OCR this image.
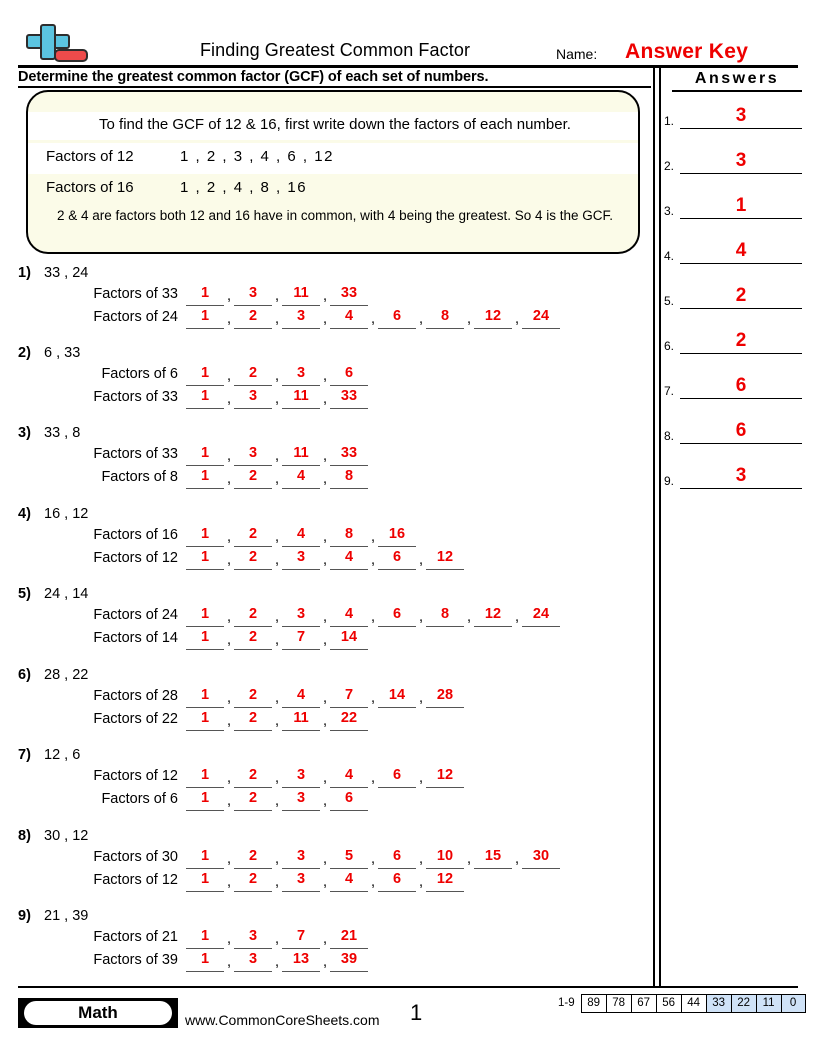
Finding Greatest Common Factor	Name: Answer Key
Determine the greatest common factor (GCF) of each set of numbers.
To find the GCF of 12 & 16, first write down the factors of each number.
Factors of 12	1 , 2 , 3 , 4 , 6 , 12
Factors of 16	1 , 2 , 4 , 8 , 16
2 & 4 are factors both 12 and 16 have in common, with 4 being the greatest. So 4 is the GCF.
1) 33 , 24
Factors of 33	1	,	3	, 11 , 33
Factors of 24	1	,	2	,	3	,	4	,	6	,	8	, 12 , 24
2) 6 , 33
Factors of 6	1	,	2	,	3	,	6
Factors of 33	1	,	3	, 11 , 33
3) 33 , 8
Factors of 33	1	,	3	, 11 , 33
Factors of 8	1	,	2	,	4	,	8
4) 16 , 12
Factors of 16	1	,	2	,	4	,	8	, 16
Factors of 12	1	,	2	,	3	,	4	,	6	, 12
5) 24 , 14
Factors of 24	1	,	2	,	3	,	4	,	6	,	8	, 12 , 24
Factors of 14	1	,	2	,	7	, 14
6) 28 , 22
Factors of 28	1	,	2	,	4	,	7	, 14 , 28
Factors of 22	1	,	2	, 11 , 22
7) 12 , 6
Factors of 12	1	,	2	,	3	,	4	,	6	, 12
Factors of 6	1	,	2	,	3	,	6
8) 30 , 12
Factors of 30	1	,	2	,	3	,	5	,	6	, 10 , 15 , 30
Factors of 12	1	,	2	,	3	,	4	,	6	, 12
9) 21 , 39
Factors of 21	1	,	3	,	7	, 21
Factors of 39	1	,	3	, 13 , 39
Answers
1.	3
2.	3
3.	1
4.	4
5.	2
6.	2
7.	6
8.	6
9.	3
Math	www.CommonCoreSheets.com 1	1-9	89	78	67	56	44	33	22	11	0
